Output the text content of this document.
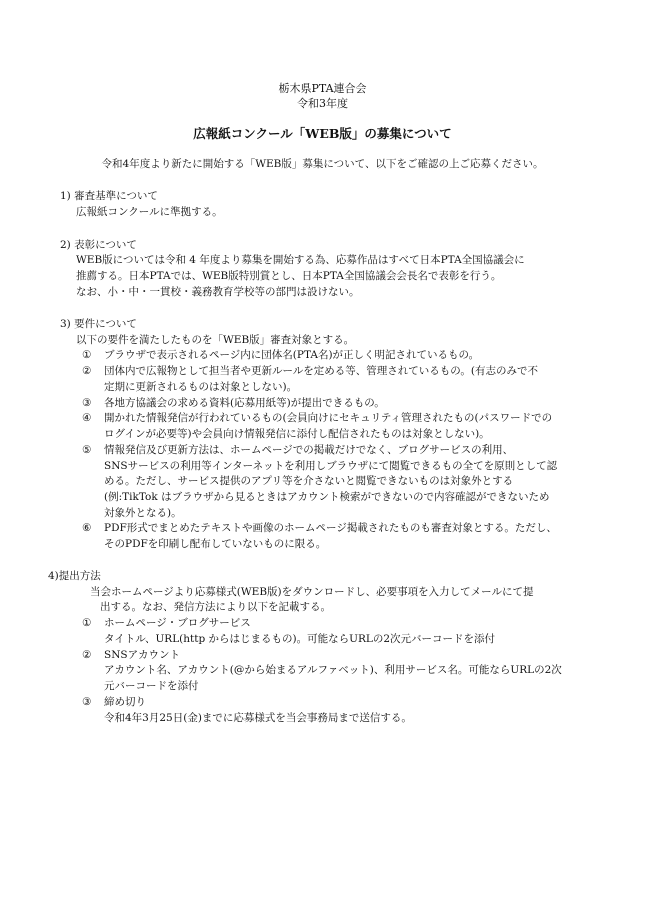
栃木県PTA連合会
令和3年度
広報紙コンクール「WEB版」の募集について
令和4年度より新たに開始する「WEB版」募集について、以下をご確認の上ご応募ください。
1) 審査基準について
広報紙コンクールに準拠する。
2) 表彰について
WEB版については令和 4 年度より募集を開始する為、応募作品はすべて日本PTA全国協議会に
推薦する。日本PTAでは、WEB版特別賞とし、日本PTA全国協議会会長名で表彰を行う。
なお、小・中・一貫校・義務教育学校等の部門は設けない。
3) 要件について
以下の要件を満たしたものを「WEB版」審査対象とする。
① ブラウザで表示されるページ内に団体名(PTA名)が正しく明記されているもの。
② 団体内で広報物として担当者や更新ルールを定める等、管理されているもの。(有志のみで不
定期に更新されるものは対象としない)。
③ 各地方協議会の求める資料(応募用紙等)が提出できるもの。
④ 開かれた情報発信が行われているもの(会員向けにセキュリティ管理されたもの(パスワードでの
ログインが必要等)や会員向け情報発信に添付し配信されたものは対象としない)。
⑤ 情報発信及び更新方法は、ホームページでの掲載だけでなく、ブログサービスの利用、
SNSサービスの利用等インターネットを利用しブラウザにて閲覧できるもの全てを原則として認
める。ただし、サービス提供のアプリ等を介さないと閲覧できないものは対象外とする
(例:TikTok はブラウザから見るときはアカウント検索ができないので内容確認ができないため
対象外となる)。
⑥ PDF形式でまとめたテキストや画像のホームページ掲載されたものも審査対象とする。ただし、
そのPDFを印刷し配布していないものに限る。
4)提出方法
当会ホームページより応募様式(WEB版)をダウンロードし、必要事項を入力してメールにて提
出する。なお、発信方法により以下を記載する。
① ホームページ・ブログサービス
タイトル、URL(http からはじまるもの)。可能ならURLの2次元バーコードを添付
② SNSアカウント
アカウント名、アカウント(@から始まるアルファベット)、利用サービス名。可能ならURLの2次
元バーコードを添付
③ 締め切り
令和4年3月25日(金)までに応募様式を当会事務局まで送信する。
